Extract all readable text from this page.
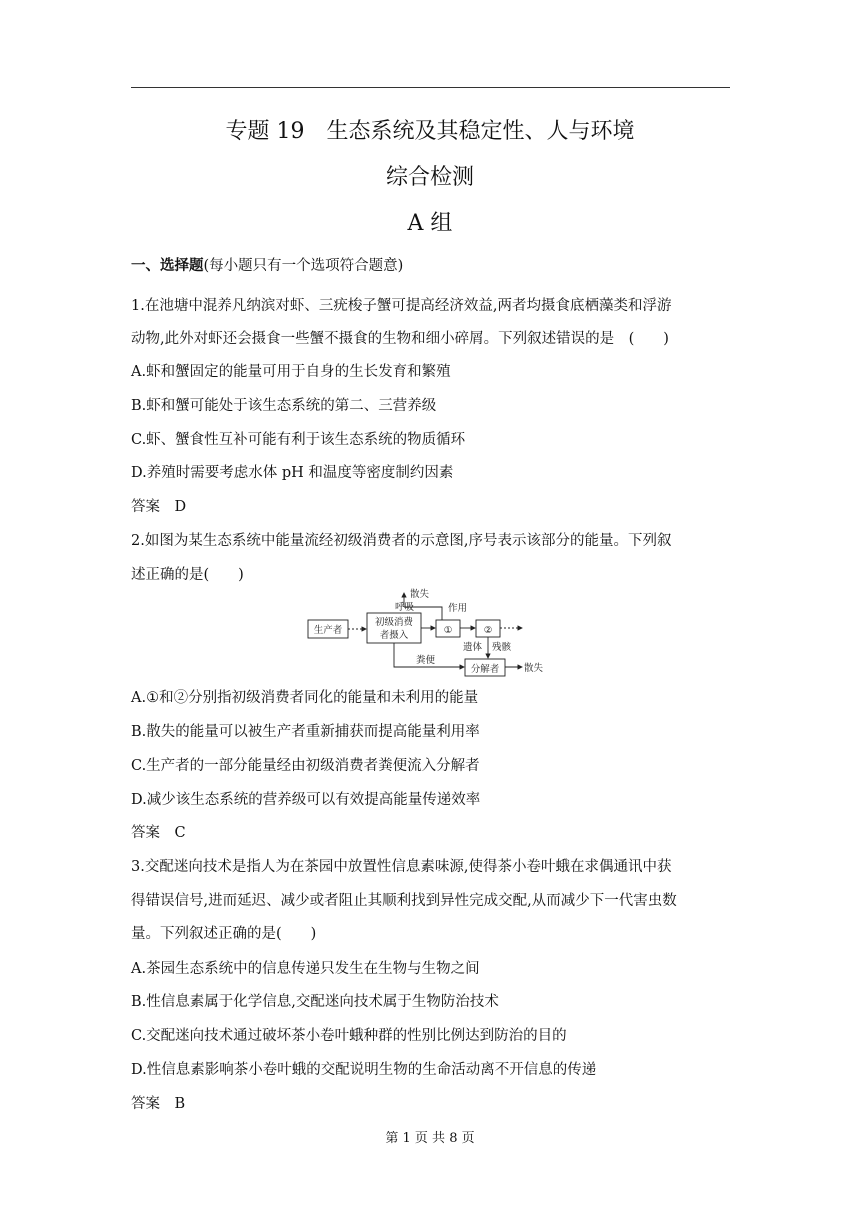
专题 19　生态系统及其稳定性、人与环境
综合检测
A 组
一、选择题(每小题只有一个选项符合题意)
1.在池塘中混养凡纳滨对虾、三疣梭子蟹可提高经济效益,两者均摄食底栖藻类和浮游
动物,此外对虾还会摄食一些蟹不摄食的生物和细小碎屑。下列叙述错误的是　(　　)
A.虾和蟹固定的能量可用于自身的生长发育和繁殖
B.虾和蟹可能处于该生态系统的第二、三营养级
C.虾、蟹食性互补可能有利于该生态系统的物质循环
D.养殖时需要考虑水体 pH 和温度等密度制约因素
答案　D
2.如图为某生态系统中能量流经初级消费者的示意图,序号表示该部分的能量。下列叙
述正确的是(　　)
生产者
初级消费
者摄入	①
散失
呼吸	作用
②
遗体 残骸
粪便
分解者	散失
A.①和②分别指初级消费者同化的能量和未利用的能量
B.散失的能量可以被生产者重新捕获而提高能量利用率
C.生产者的一部分能量经由初级消费者粪便流入分解者
D.减少该生态系统的营养级可以有效提高能量传递效率
答案　C
3.交配迷向技术是指人为在茶园中放置性信息素味源,使得茶小卷叶蛾在求偶通讯中获
得错误信号,进而延迟、减少或者阻止其顺利找到异性完成交配,从而减少下一代害虫数
量。下列叙述正确的是(　　)
A.茶园生态系统中的信息传递只发生在生物与生物之间
B.性信息素属于化学信息,交配迷向技术属于生物防治技术
C.交配迷向技术通过破坏茶小卷叶蛾种群的性别比例达到防治的目的
D.性信息素影响茶小卷叶蛾的交配说明生物的生命活动离不开信息的传递
答案　B
第 1 页 共 8 页
